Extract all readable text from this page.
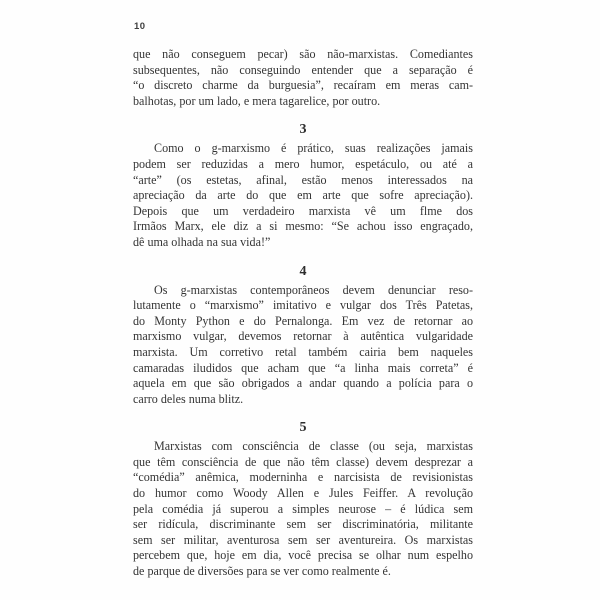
10

que não conseguem pecar) são não-marxistas. Comediantes
subsequentes, não conseguindo entender que a separação é
“o discreto charme da burguesia”, recaíram em meras cam-
balhotas, por um lado, e mera tagarelice, por outro.

3

Como o g-marxismo é prático, suas realizações jamais
podem ser reduzidas a mero humor, espetáculo, ou até a
“arte” (os estetas, afinal, estão menos interessados na
apreciação da arte do que em arte que sofre apreciação).
Depois que um verdadeiro marxista vê um flme dos
Irmãos Marx, ele diz a si mesmo: “Se achou isso engraçado,
dê uma olhada na sua vida!”

4

Os g-marxistas contemporâneos devem denunciar reso-
lutamente o “marxismo” imitativo e vulgar dos Três Patetas,
do Monty Python e do Pernalonga. Em vez de retornar ao
marxismo vulgar, devemos retornar à autêntica vulgaridade
marxista. Um corretivo retal também cairia bem naqueles
camaradas iludidos que acham que “a linha mais correta” é
aquela em que são obrigados a andar quando a polícia para o
carro deles numa blitz.

5

Marxistas com consciência de classe (ou seja, marxistas
que têm consciência de que não têm classe) devem desprezar a
“comédia” anêmica, moderninha e narcisista de revisionistas
do humor como Woody Allen e Jules Feiffer. A revolução
pela comédia já superou a simples neurose – é lúdica sem
ser ridícula, discriminante sem ser discriminatória, militante
sem ser militar, aventurosa sem ser aventureira. Os marxistas
percebem que, hoje em dia, você precisa se olhar num espelho
de parque de diversões para se ver como realmente é.
